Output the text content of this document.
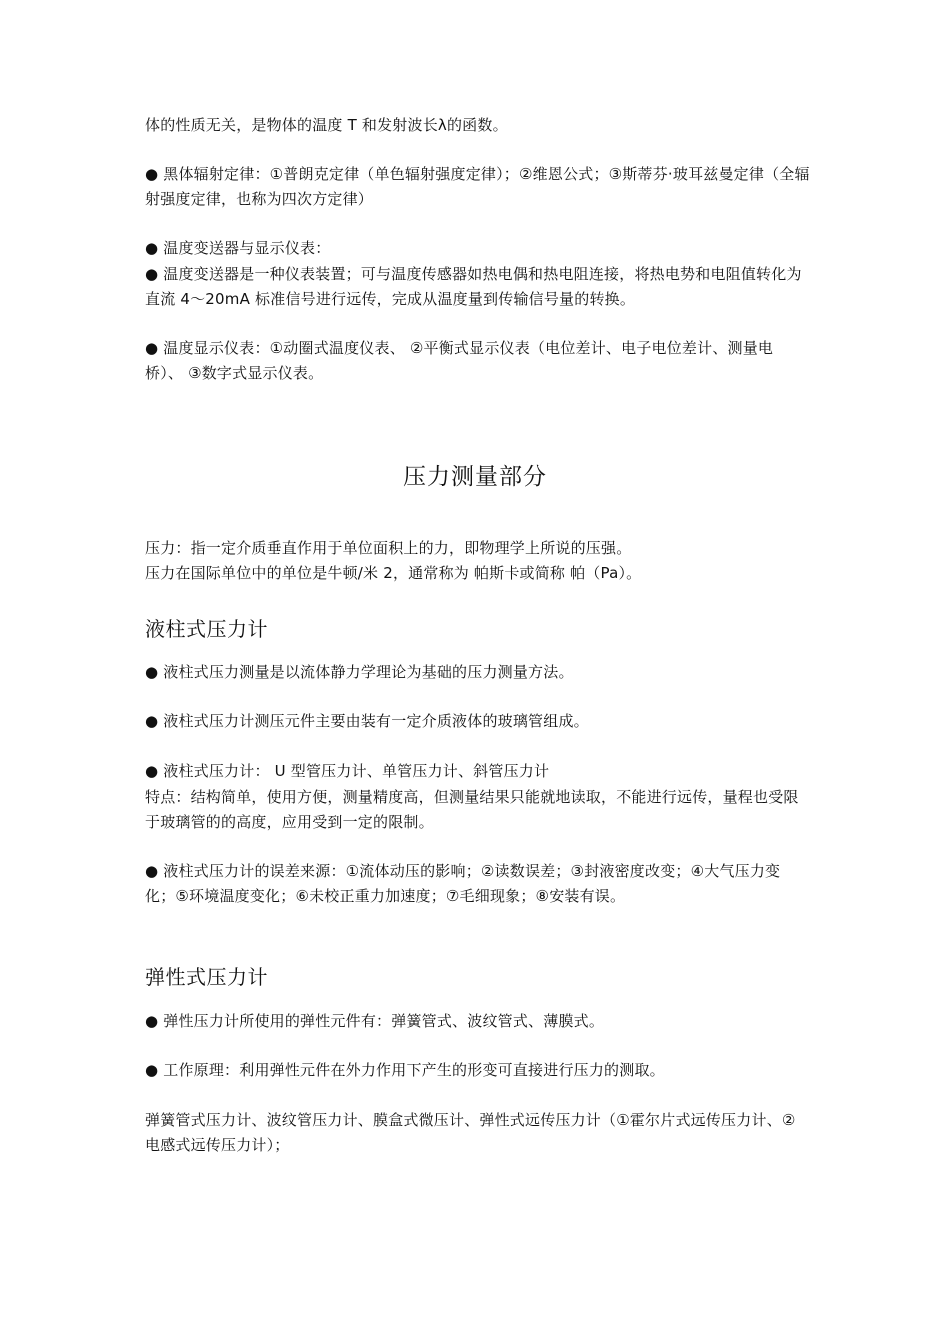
体的性质无关，是物体的温度 T 和发射波长λ的函数。

● 黑体辐射定律：①普朗克定律（单色辐射强度定律）；②维恩公式；③斯蒂芬·玻耳兹曼定律（全辐射强度定律，也称为四次方定律）

● 温度变送器与显示仪表：

● 温度变送器是一种仪表装置；可与温度传感器如热电偶和热电阻连接，将热电势和电阻值转化为直流 4～20mA 标准信号进行远传，完成从温度量到传输信号量的转换。

● 温度显示仪表：①动圈式温度仪表、 ②平衡式显示仪表（电位差计、电子电位差计、测量电桥）、 ③数字式显示仪表。

压力测量部分

压力：指一定介质垂直作用于单位面积上的力，即物理学上所说的压强。

压力在国际单位中的单位是牛顿/米 2，通常称为 帕斯卡或简称 帕（Pa）。

液柱式压力计

● 液柱式压力测量是以流体静力学理论为基础的压力测量方法。

● 液柱式压力计测压元件主要由装有一定介质液体的玻璃管组成。

● 液柱式压力计： U 型管压力计、单管压力计、斜管压力计

特点：结构简单，使用方便，测量精度高，但测量结果只能就地读取，不能进行远传，量程也受限于玻璃管的的高度，应用受到一定的限制。

● 液柱式压力计的误差来源：①流体动压的影响；②读数误差；③封液密度改变；④大气压力变化；⑤环境温度变化；⑥未校正重力加速度；⑦毛细现象；⑧安装有误。

弹性式压力计

● 弹性压力计所使用的弹性元件有：弹簧管式、波纹管式、薄膜式。

● 工作原理：利用弹性元件在外力作用下产生的形变可直接进行压力的测取。

弹簧管式压力计、波纹管压力计、膜盒式微压计、弹性式远传压力计（①霍尔片式远传压力计、②电感式远传压力计）；
